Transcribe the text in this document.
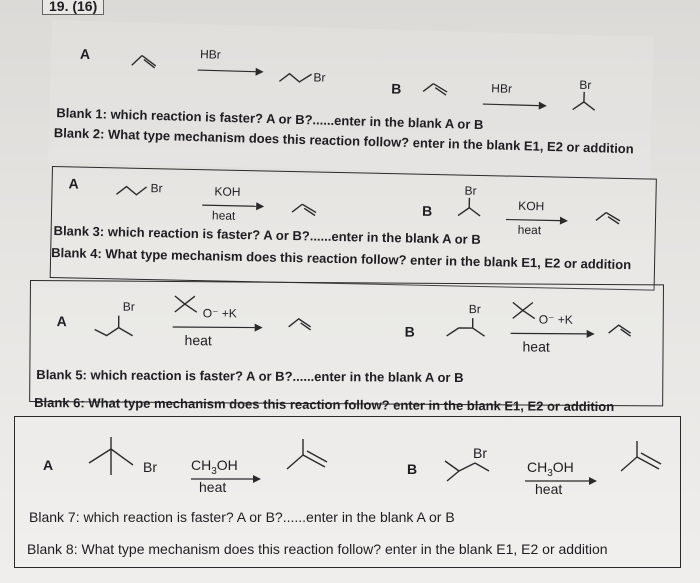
19. (16)
A	HBr
Br
B	HBr	Br
Blank 1: which reaction is faster? A or B?......enter in the blank A or B
Blank 2: What type mechanism does this reaction follow? enter in the blank E1, E2 or addition
A	Br	KOH
heat	B
Br
KOH
heat
Blank 3: which reaction is faster? A or B?......enter in the blank A or B
Blank 4: What type mechanism does this reaction follow? enter in the blank E1, E2 or addition
A
Br	O⁻ +K
heat
B
Br
O⁻ +K
heat
Blank 5: which reaction is faster? A or B?......enter in the blank A or B
Blank 6: What type mechanism does this reaction follow? enter in the blank E1, E2 or addition
A	Br $CH_3OH$
heat
B
Br
$CH_3OH$
heat
Blank 7: which reaction is faster? A or B?......enter in the blank A or B
Blank 8: What type mechanism does this reaction follow? enter in the blank E1, E2 or addition
